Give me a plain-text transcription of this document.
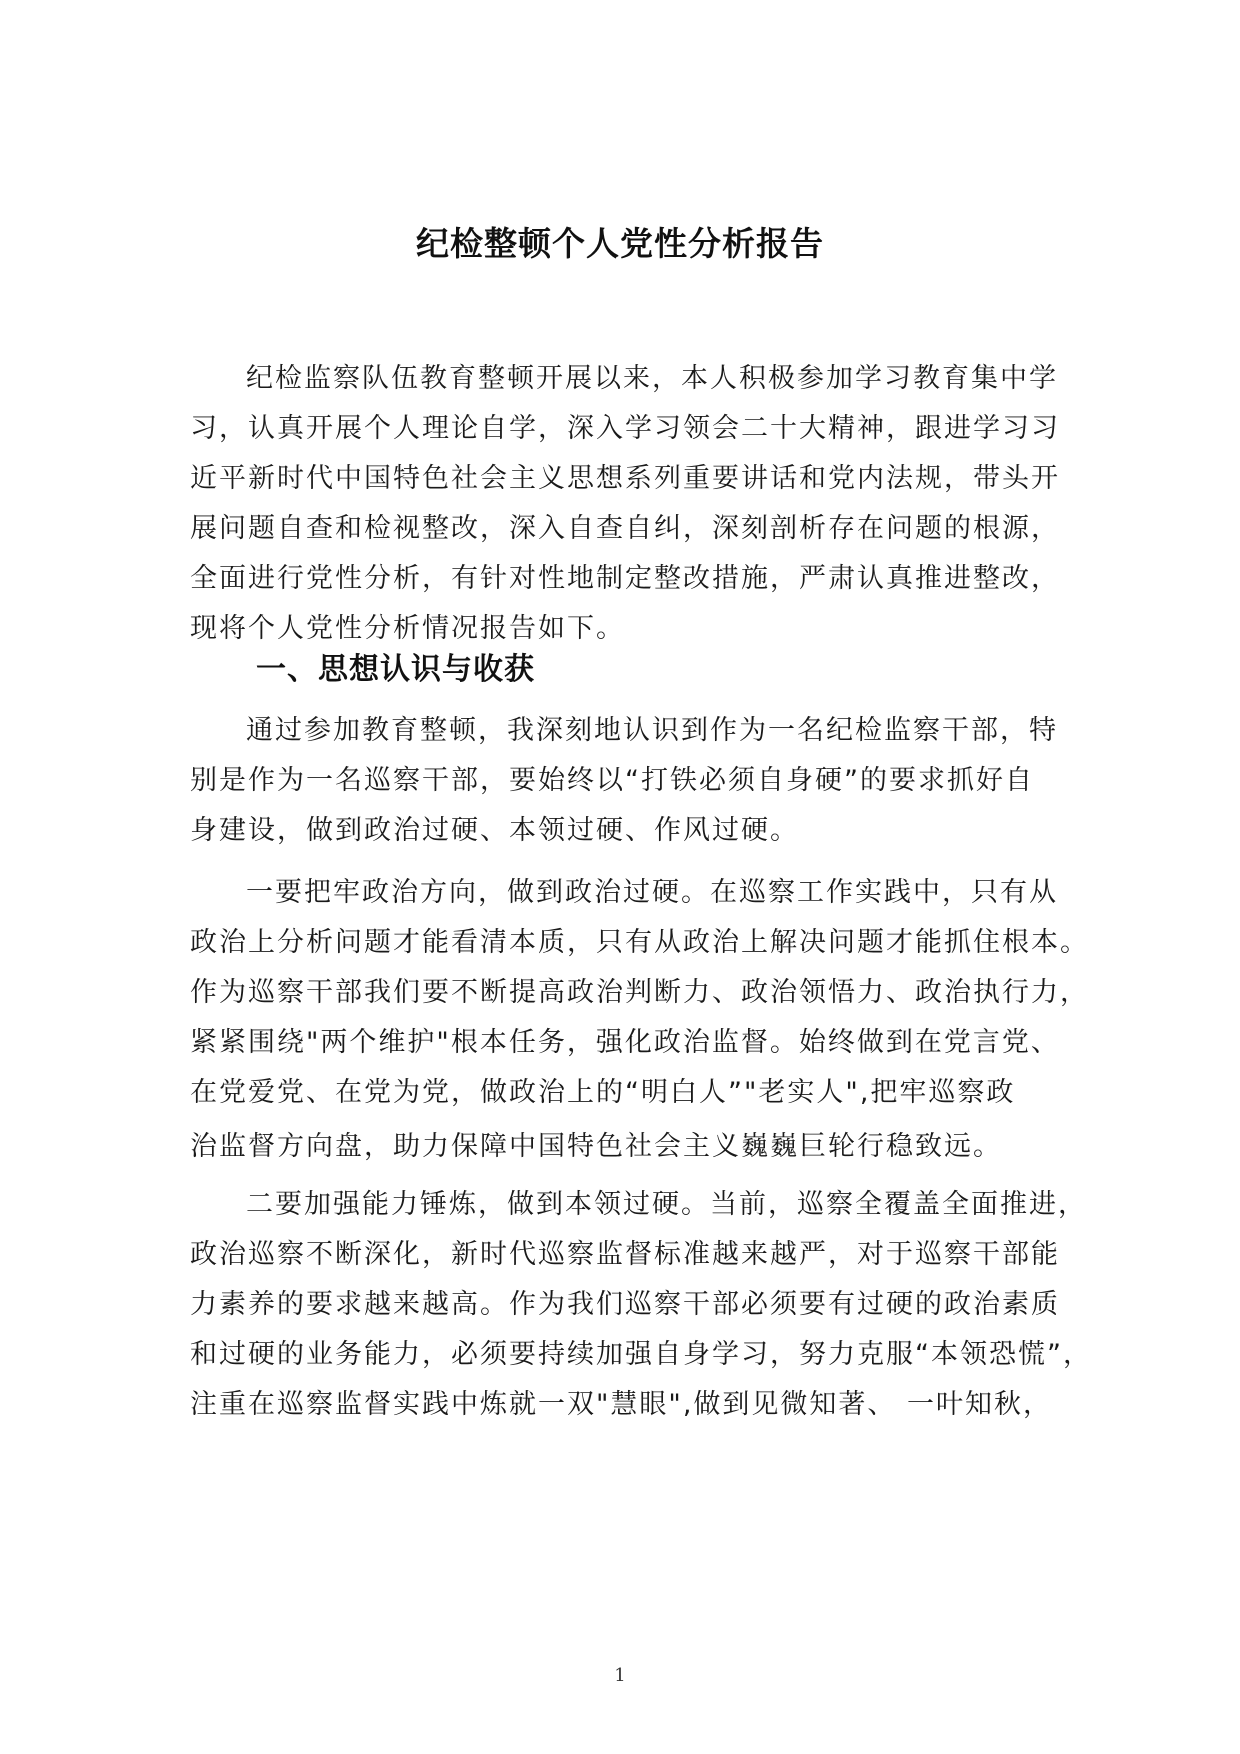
纪检整顿个人党性分析报告
纪检监察队伍教育整顿开展以来，本人积极参加学习教育集中学
习，认真开展个人理论自学，深入学习领会二十大精神，跟进学习习
近平新时代中国特色社会主义思想系列重要讲话和党内法规，带头开
展问题自查和检视整改，深入自查自纠，深刻剖析存在问题的根源，
全面进行党性分析，有针对性地制定整改措施，严肃认真推进整改，
现将个人党性分析情况报告如下。
一、思想认识与收获
通过参加教育整顿，我深刻地认识到作为一名纪检监察干部，特
别是作为一名巡察干部，要始终以“打铁必须自身硬”的要求抓好自
身建设，做到政治过硬、本领过硬、作风过硬。
一要把牢政治方向，做到政治过硬。在巡察工作实践中，只有从
政治上分析问题才能看清本质，只有从政治上解决问题才能抓住根本。
作为巡察干部我们要不断提高政治判断力、政治领悟力、政治执行力，
紧紧围绕"两个维护"根本任务，强化政治监督。始终做到在党言党、
在党爱党、在党为党，做政治上的“明白人”"老实人",把牢巡察政
治监督方向盘，助力保障中国特色社会主义巍巍巨轮行稳致远。
二要加强能力锤炼，做到本领过硬。当前，巡察全覆盖全面推进，
政治巡察不断深化，新时代巡察监督标准越来越严，对于巡察干部能
力素养的要求越来越高。作为我们巡察干部必须要有过硬的政治素质
和过硬的业务能力，必须要持续加强自身学习，努力克服“本领恐慌”，
注重在巡察监督实践中炼就一双"慧眼",做到见微知著、 一叶知秋，
1
